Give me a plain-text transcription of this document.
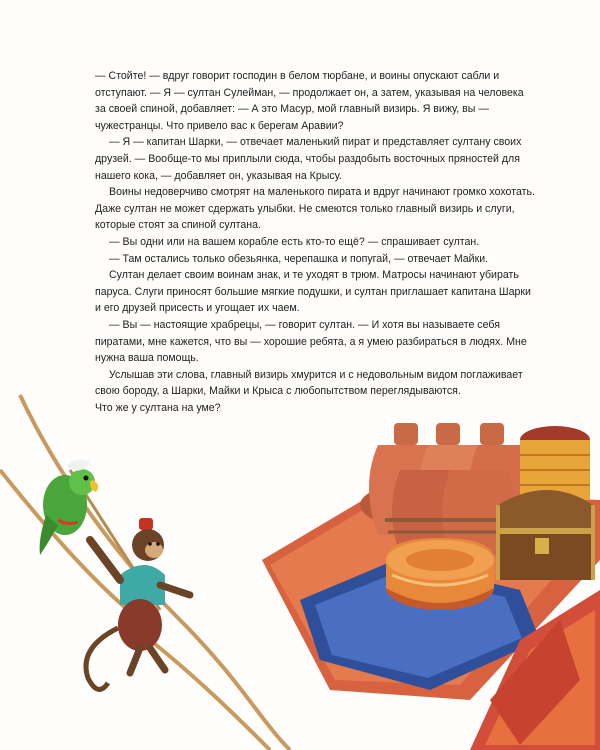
— Стойте! — вдруг говорит господин в белом тюрбане, и воины опускают сабли и отступают. — Я — султан Сулейман, — продолжает он, а затем, указывая на человека за своей спиной, добавляет: — А это Масур, мой главный визирь. Я вижу, вы — чужестранцы. Что привело вас к берегам Аравии?

— Я — капитан Шарки, — отвечает маленький пират и представляет султану своих друзей. — Вообще-то мы приплыли сюда, чтобы раздобыть восточных пряностей для нашего кока, — добавляет он, указывая на Крысу.

Воины недоверчиво смотрят на маленького пирата и вдруг начинают громко хохотать. Даже султан не может сдержать улыбки. Не смеются только главный визирь и слуги, которые стоят за спиной султана.

— Вы одни или на вашем корабле есть кто-то ещё? — спрашивает султан.

— Там остались только обезьянка, черепашка и попугай, — отвечает Майки.

Султан делает своим воинам знак, и те уходят в трюм. Матросы начинают убирать паруса. Слуги приносят большие мягкие подушки, и султан приглашает капитана Шарки и его друзей присесть и угощает их чаем.

— Вы — настоящие храбрецы, — говорит султан. — И хотя вы называете себя пиратами, мне кажется, что вы — хорошие ребята, а я умею разбираться в людях. Мне нужна ваша помощь.

Услышав эти слова, главный визирь хмурится и с недовольным видом поглаживает свою бороду, а Шарки, Майки и Крыса с любопытством переглядываются.

Что же у султана на уме?
